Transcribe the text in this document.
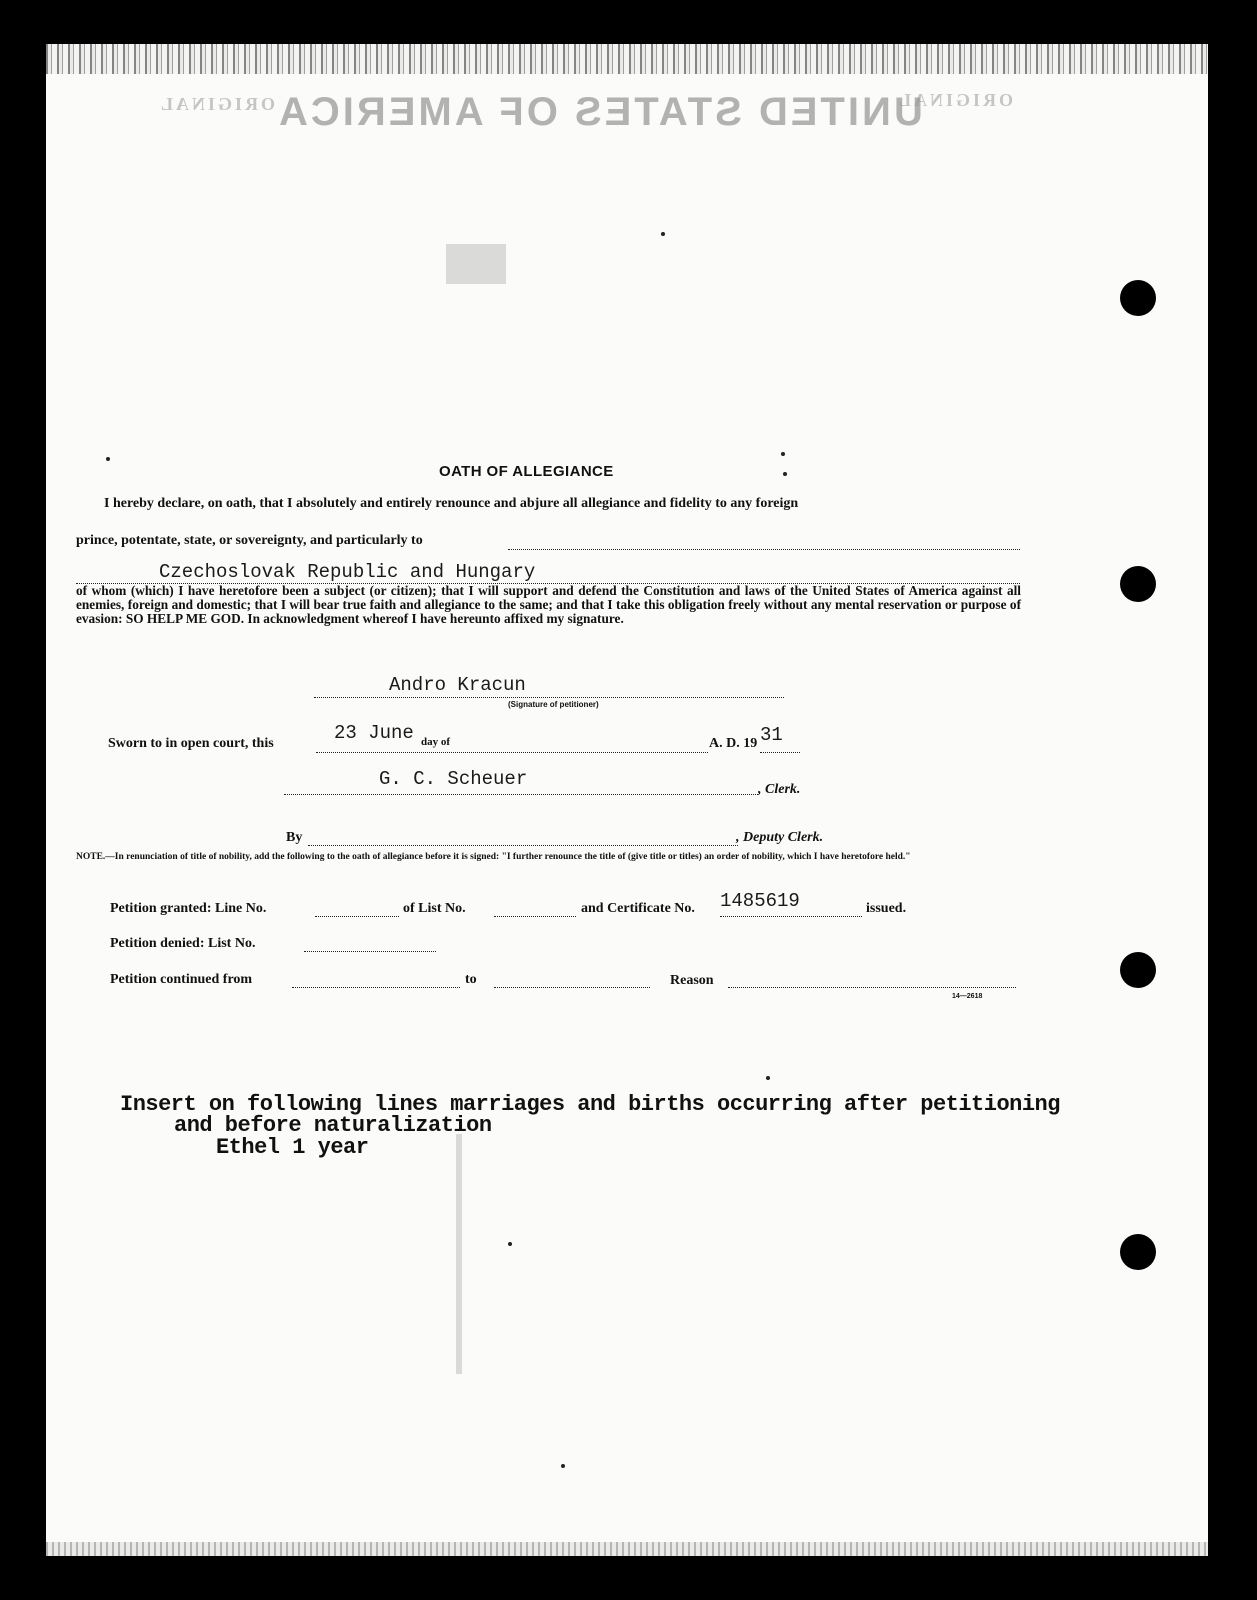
UNITED STATES OF AMERICA
ORIGINAL	ORIGINAL
OATH OF ALLEGIANCE
I hereby declare, on oath, that I absolutely and entirely renounce and abjure all allegiance and fidelity to any foreign
prince, potentate, state, or sovereignty, and particularly to
Czechoslovak Republic and Hungary
of whom (which) I have heretofore been a subject (or citizen); that I will support and defend the Constitution and laws of the United States of America against all enemies, foreign and domestic; that I will bear true faith and allegiance to the same; and that I take this obligation freely without any mental reservation or purpose of evasion: SO HELP ME GOD. In acknowledgment whereof I have hereunto affixed my signature.
Andro Kracun
(Signature of petitioner)
Sworn to in open court, this	23 June day of	A. D. 19 31
G. C. Scheuer	, Clerk.
By	, Deputy Clerk.
NOTE.—In renunciation of title of nobility, add the following to the oath of allegiance before it is signed: "I further renounce the title of (give title or titles) an order of nobility, which I have heretofore held."
Petition granted: Line No.	of List No.	and Certificate No. 1485619	issued.
Petition denied: List No.
Petition continued from	to	Reason
14—2618
Insert on following lines marriages and births occurring after petitioning
and before naturalization
Ethel 1 year
